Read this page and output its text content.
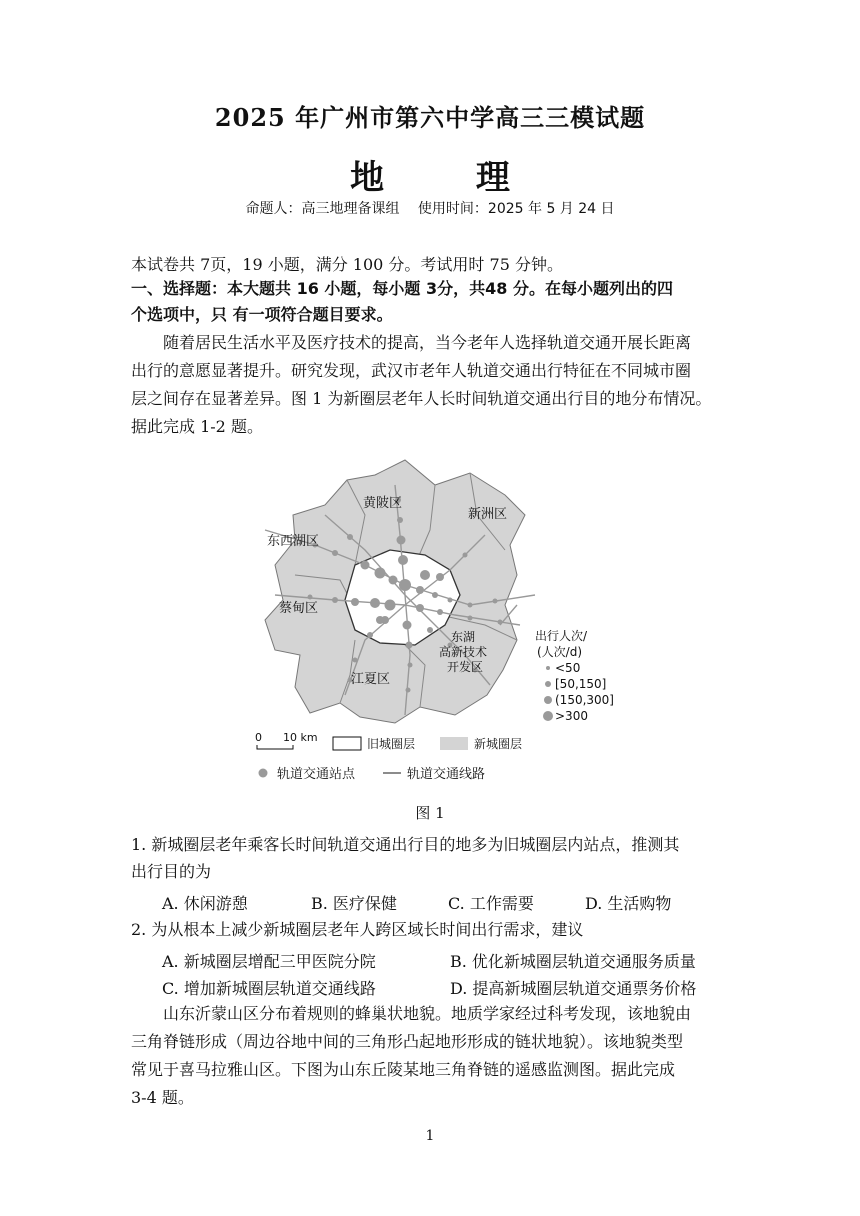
2025 年广州市第六中学高三三模试题
地 理
命题人：高三地理备课组　 使用时间：2025 年 5 月 24 日
本试卷共 7页，19 小题，满分 100 分。考试用时 75 分钟。
一、选择题：本大题共 16 小题，每小题 3分，共48 分。在每小题列出的四
个选项中，只 有一项符合题目要求。
　　随着居民生活水平及医疗技术的提高，当今老年人选择轨道交通开展长距离
出行的意愿显著提升。研究发现，武汉市老年人轨道交通出行特征在不同城市圈
层之间存在显著差异。图 1 为新圈层老年人长时间轨道交通出行目的地分布情况。
据此完成 1-2 题。
黄陂区
新洲区
东西湖区
蔡甸区
东湖
高新技术
开发区
江夏区
出行人次/
(人次/d)
<50
[50,150]
(150,300]
>300
0 10 km	旧城圈层	新城圈层
轨道交通站点	轨道交通线路
图 1
1. 新城圈层老年乘客长时间轨道交通出行目的地多为旧城圈层内站点，推测其
出行目的为
A. 休闲游憩	B. 医疗保健	C. 工作需要	D. 生活购物
2. 为从根本上减少新城圈层老年人跨区域长时间出行需求，建议
A. 新城圈层增配三甲医院分院	B. 优化新城圈层轨道交通服务质量
C. 增加新城圈层轨道交通线路	D. 提高新城圈层轨道交通票务价格
　　山东沂蒙山区分布着规则的蜂巢状地貌。地质学家经过科考发现，该地貌由
三角脊链形成（周边谷地中间的三角形凸起地形形成的链状地貌）。该地貌类型
常见于喜马拉雅山区。下图为山东丘陵某地三角脊链的遥感监测图。据此完成
3-4 题。
1
